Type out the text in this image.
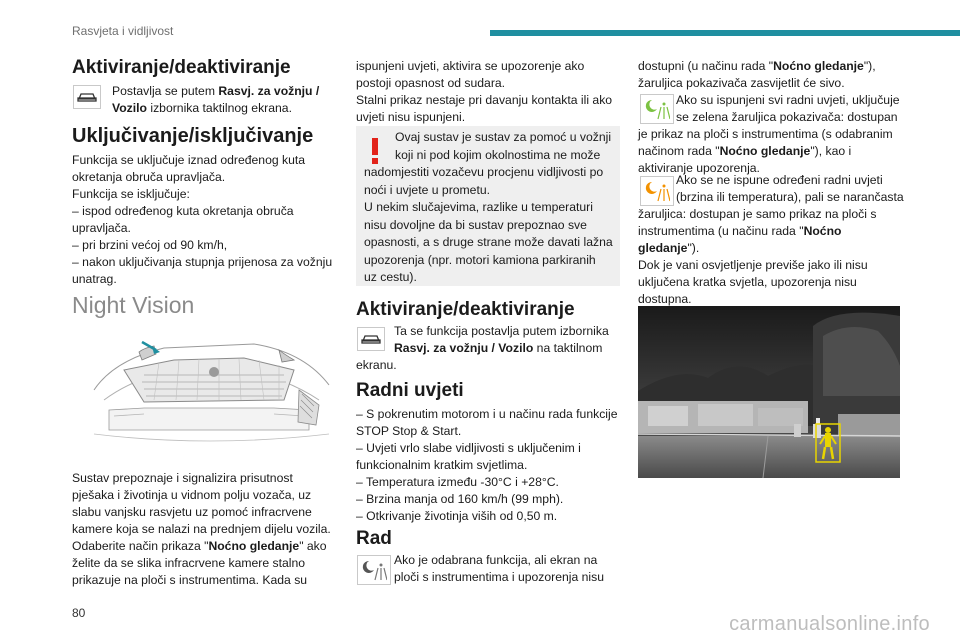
Rasvjeta i vidljivost
Aktiviranje/deaktiviranje
Postavlja se putem Rasvj. za vožnju / Vozilo izbornika taktilnog ekrana.
Uključivanje/isključivanje
Funkcija se uključuje iznad određenog kuta
okretanja obruča upravljača.
Funkcija se isključuje:
– ispod određenog kuta okretanja obruča
upravljača.
– pri brzini većoj od 90 km/h,
– nakon uključivanja stupnja prijenosa za vožnju
unatrag.
Night Vision
Sustav prepoznaje i signalizira prisutnost
pješaka i životinja u vidnom polju vozača, uz
slabu vanjsku rasvjetu uz pomoć infracrvene
kamere koja se nalazi na prednjem dijelu vozila.
Odaberite način prikaza "Noćno gledanje" ako
želite da se slika infracrvene kamere stalno
prikazuje na ploči s instrumentima. Kada su
ispunjeni uvjeti, aktivira se upozorenje ako
postoji opasnost od sudara.
Stalni prikaz nestaje pri davanju kontakta ili ako
uvjeti nisu ispunjeni.
Ovaj sustav je sustav za pomoć u vožnji
koji ni pod kojim okolnostima ne može
nadomjestiti vozačevu procjenu vidljivosti po
noći i uvjete u prometu.
U nekim slučajevima, razlike u temperaturi
nisu dovoljne da bi sustav prepoznao sve
opasnosti, a s druge strane može davati lažna
upozorenja (npr. motori kamiona parkiranih
uz cestu).
Aktiviranje/deaktiviranje
Ta se funkcija postavlja putem izbornika
Rasvj. za vožnju / Vozilo na taktilnom
ekranu.
Radni uvjeti
– S pokrenutim motorom i u načinu rada funkcije
STOP Stop & Start.
– Uvjeti vrlo slabe vidljivosti s uključenim i
funkcionalnim kratkim svjetlima.
– Temperatura između -30°C i +28°C.
– Brzina manja od 160 km/h (99 mph).
– Otkrivanje životinja viših od 0,50 m.
Rad
Ako je odabrana funkcija, ali ekran na
ploči s instrumentima i upozorenja nisu
dostupni (u načinu rada "Noćno gledanje"),
žaruljica pokazivača zasvijetlit će sivo.
Ako su ispunjeni svi radni uvjeti, uključuje
se zelena žaruljica pokazivača: dostupan
je prikaz na ploči s instrumentima (s odabranim
načinom rada "Noćno gledanje"), kao i
aktiviranje upozorenja.
Ako se ne ispune određeni radni uvjeti
(brzina ili temperatura), pali se narančasta
žaruljica: dostupan je samo prikaz na ploči s
instrumentima (u načinu rada "Noćno
gledanje").
Dok je vani osvjetljenje previše jako ili nisu
uključena kratka svjetla, upozorenja nisu
dostupna.
80	carmanualsonline.info
